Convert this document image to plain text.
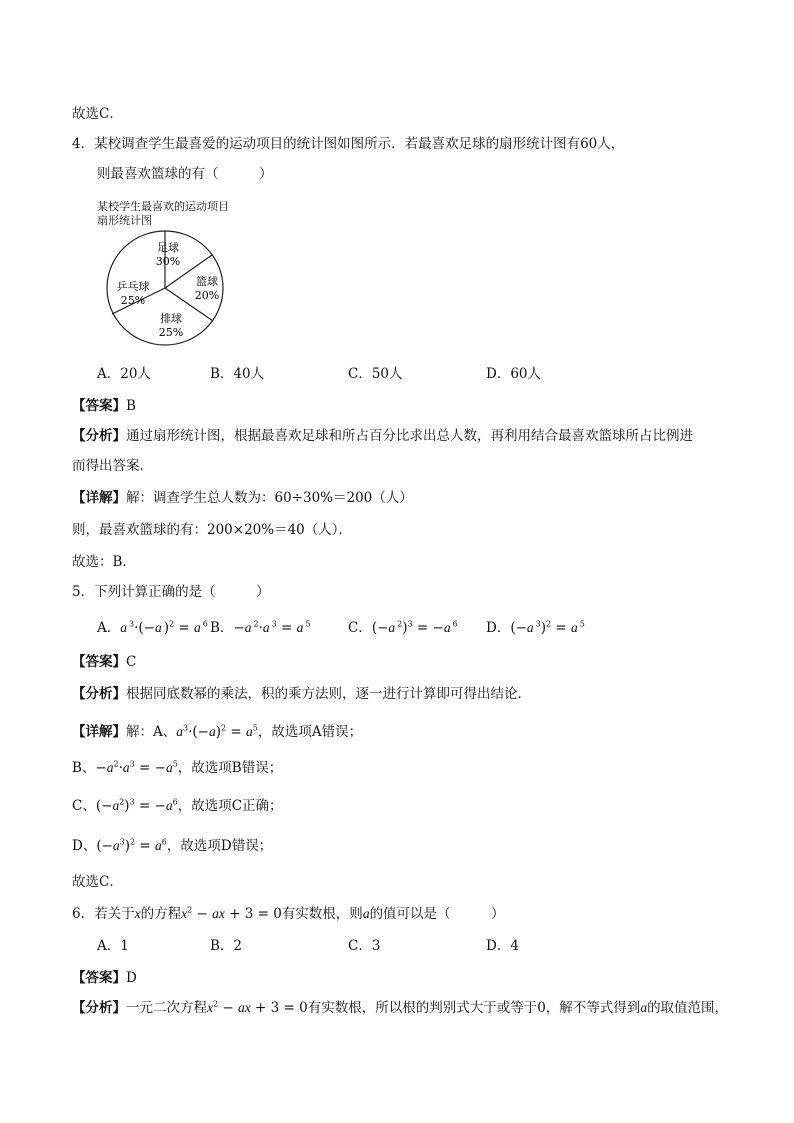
故选C．
4．某校调查学生最喜爱的运动项目的统计图如图所示．若最喜欢足球的扇形统计图有60人，
则最喜欢篮球的有（　　　）
某校学生最喜欢的运动项目
扇形统计图
足球
30%
篮球
20%
排球
25%
乒乓球
25%
A．20人	B．40人	C．50人	D．60人
【答案】B
【分析】通过扇形统计图，根据最喜欢足球和所占百分比求出总人数，再利用结合最喜欢篮球所占比例进
而得出答案．
【详解】解：调查学生总人数为：60÷30%＝200（人）
则，最喜欢篮球的有：200×20%＝40（人）．
故选：B．
5．下列计算正确的是（　　　）
A．a $^3$·(−a )$^2$ = a $^6$ B．−a $^2$·a $^3$ = a $^5$	C．(−a $^2$)$^3$ = −a $^6$ D．(−a $^3$)$^2$ = a $^5$
【答案】C
【分析】根据同底数幂的乘法，积的乘方法则，逐一进行计算即可得出结论．
【详解】解：A、$a^3\cdot(-a)^2 = a^5$，故选项A错误；
B、$-a^2\cdot a^3 = -a^5$，故选项B错误；
C、$(-a^2)^3 = -a^6$，故选项C正确；
D、$(-a^3)^2 = a^6$，故选项D错误；
故选C．
6．若关于x的方程$x^2$ − ax + 3 = 0有实数根，则a的值可以是（　　　）
A．1	B．2	C．3	D．4
【答案】D
【分析】一元二次方程$x^2$ − ax + 3 = 0有实数根，所以根的判别式大于或等于0，解不等式得到a的取值范围，
